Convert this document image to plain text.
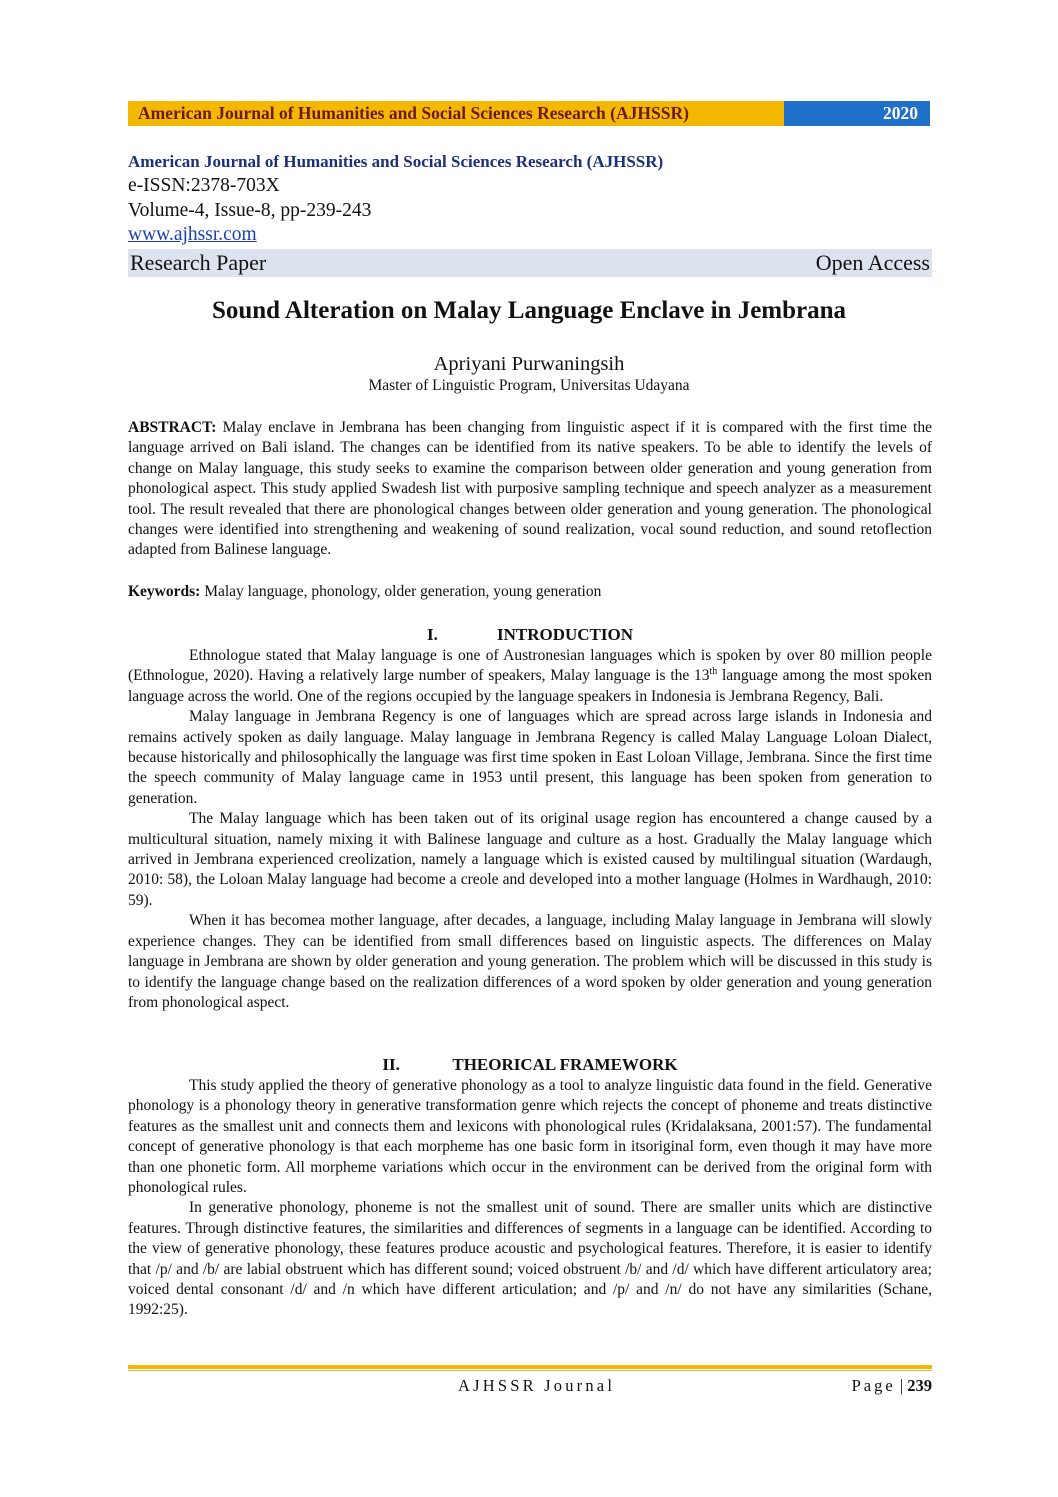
American Journal of Humanities and Social Sciences Research (AJHSSR)	2020
American Journal of Humanities and Social Sciences Research (AJHSSR)
e-ISSN:2378-703X
Volume-4, Issue-8, pp-239-243
www.ajhssr.com
Research Paper	Open Access
Sound Alteration on Malay Language Enclave in Jembrana
Apriyani Purwaningsih
Master of Linguistic Program, Universitas Udayana

ABSTRACT: Malay enclave in Jembrana has been changing from linguistic aspect if it is compared with the first time the language arrived on Bali island. The changes can be identified from its native speakers. To be able to identify the levels of change on Malay language, this study seeks to examine the comparison between older generation and young generation from phonological aspect. This study applied Swadesh list with purposive sampling technique and speech analyzer as a measurement tool. The result revealed that there are phonological changes between older generation and young generation. The phonological changes were identified into strengthening and weakening of sound realization, vocal sound reduction, and sound retoflection adapted from Balinese language.

Keywords: Malay language, phonology, older generation, young generation

I.	INTRODUCTION

Ethnologue stated that Malay language is one of Austronesian languages which is spoken by over 80 million people (Ethnologue, 2020). Having a relatively large number of speakers, Malay language is the 13th language among the most spoken language across the world. One of the regions occupied by the language speakers in Indonesia is Jembrana Regency, Bali.

Malay language in Jembrana Regency is one of languages which are spread across large islands in Indonesia and remains actively spoken as daily language. Malay language in Jembrana Regency is called Malay Language Loloan Dialect, because historically and philosophically the language was first time spoken in East Loloan Village, Jembrana. Since the first time the speech community of Malay language came in 1953 until present, this language has been spoken from generation to generation.

The Malay language which has been taken out of its original usage region has encountered a change caused by a multicultural situation, namely mixing it with Balinese language and culture as a host. Gradually the Malay language which arrived in Jembrana experienced creolization, namely a language which is existed caused by multilingual situation (Wardaugh, 2010: 58), the Loloan Malay language had become a creole and developed into a mother language (Holmes in Wardhaugh, 2010: 59).

When it has becomea mother language, after decades, a language, including Malay language in Jembrana will slowly experience changes. They can be identified from small differences based on linguistic aspects. The differences on Malay language in Jembrana are shown by older generation and young generation. The problem which will be discussed in this study is to identify the language change based on the realization differences of a word spoken by older generation and young generation from phonological aspect.

II.	THEORICAL FRAMEWORK

This study applied the theory of generative phonology as a tool to analyze linguistic data found in the field. Generative phonology is a phonology theory in generative transformation genre which rejects the concept of phoneme and treats distinctive features as the smallest unit and connects them and lexicons with phonological rules (Kridalaksana, 2001:57). The fundamental concept of generative phonology is that each morpheme has one basic form in itsoriginal form, even though it may have more than one phonetic form. All morpheme variations which occur in the environment can be derived from the original form with phonological rules.

In generative phonology, phoneme is not the smallest unit of sound. There are smaller units which are distinctive features. Through distinctive features, the similarities and differences of segments in a language can be identified. According to the view of generative phonology, these features produce acoustic and psychological features. Therefore, it is easier to identify that /p/ and /b/ are labial obstruent which has different sound; voiced obstruent /b/ and /d/ which have different articulatory area; voiced dental consonant /d/ and /n which have different articulation; and /p/ and /n/ do not have any similarities (Schane, 1992:25).

AJHSSR Journal	Page | 239
